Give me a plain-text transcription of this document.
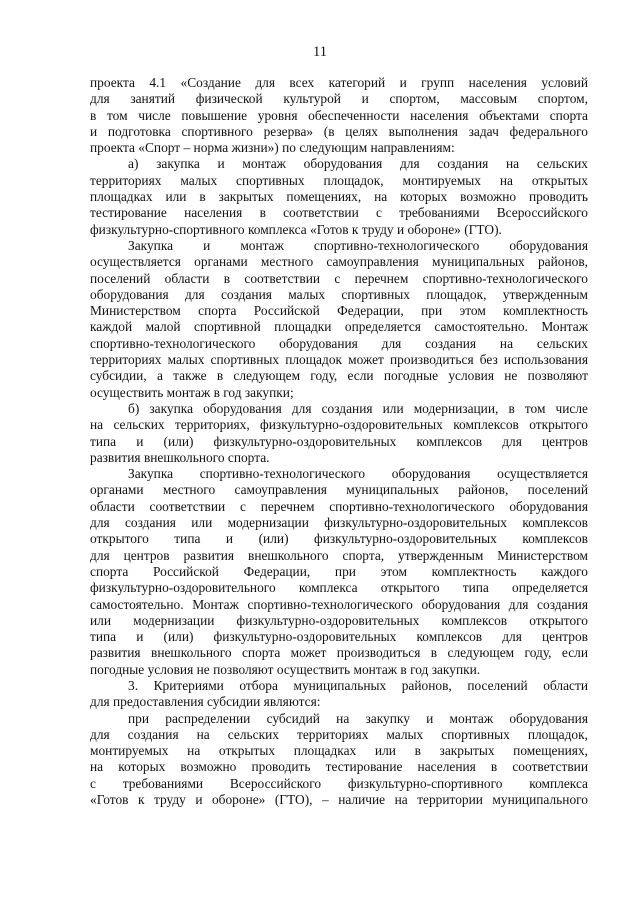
11
проекта 4.1 «Создание для всех категорий и групп населения условий
для занятий физической культурой и спортом, массовым спортом,
в том числе повышение уровня обеспеченности населения объектами спорта
и подготовка спортивного резерва» (в целях выполнения задач федерального
проекта «Спорт – норма жизни») по следующим направлениям:
а) закупка и монтаж оборудования для создания на сельских
территориях малых спортивных площадок, монтируемых на открытых
площадках или в закрытых помещениях, на которых возможно проводить
тестирование населения в соответствии с требованиями Всероссийского
физкультурно-спортивного комплекса «Готов к труду и обороне» (ГТО).
Закупка и монтаж спортивно-технологического оборудования
осуществляется органами местного самоуправления муниципальных районов,
поселений области в соответствии с перечнем спортивно-технологического
оборудования для создания малых спортивных площадок, утвержденным
Министерством спорта Российской Федерации, при этом комплектность
каждой малой спортивной площадки определяется самостоятельно. Монтаж
спортивно-технологического оборудования для создания на сельских
территориях малых спортивных площадок может производиться без использования
субсидии, а также в следующем году, если погодные условия не позволяют
осуществить монтаж в год закупки;
б) закупка оборудования для создания или модернизации, в том числе
на сельских территориях, физкультурно-оздоровительных комплексов открытого
типа и (или) физкультурно-оздоровительных комплексов для центров
развития внешкольного спорта.
Закупка спортивно-технологического оборудования осуществляется
органами местного самоуправления муниципальных районов, поселений
области соответствии с перечнем спортивно-технологического оборудования
для создания или модернизации физкультурно-оздоровительных комплексов
открытого типа и (или) физкультурно-оздоровительных комплексов
для центров развития внешкольного спорта, утвержденным Министерством
спорта Российской Федерации, при этом комплектность каждого
физкультурно-оздоровительного комплекса открытого типа определяется
самостоятельно. Монтаж спортивно-технологического оборудования для создания
или модернизации физкультурно-оздоровительных комплексов открытого
типа и (или) физкультурно-оздоровительных комплексов для центров
развития внешкольного спорта может производиться в следующем году, если
погодные условия не позволяют осуществить монтаж в год закупки.
3. Критериями отбора муниципальных районов, поселений области
для предоставления субсидии являются:
при распределении субсидий на закупку и монтаж оборудования
для создания на сельских территориях малых спортивных площадок,
монтируемых на открытых площадках или в закрытых помещениях,
на которых возможно проводить тестирование населения в соответствии
с требованиями Всероссийского физкультурно-спортивного комплекса
«Готов к труду и обороне» (ГТО), – наличие на территории муниципального
